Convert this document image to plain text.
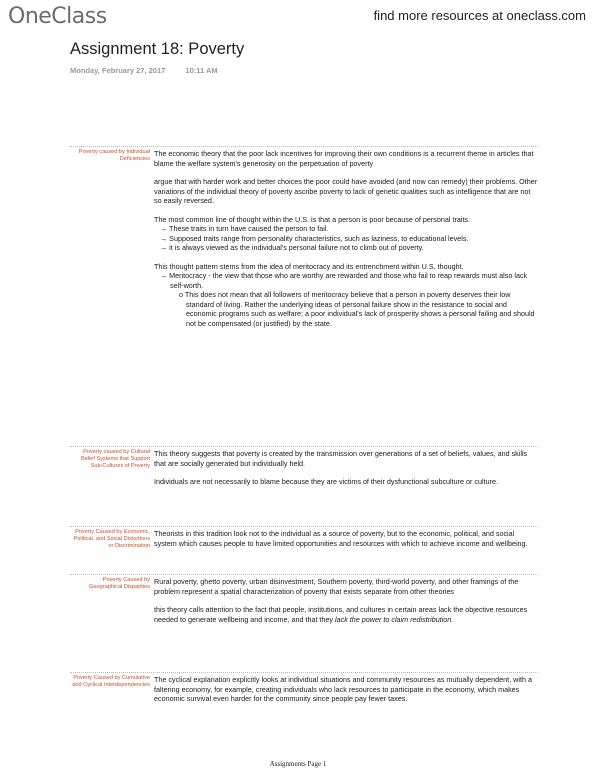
OneClass	find more resources at oneclass.com
Assignment 18: Poverty
Monday, February 27, 2017	10:11 AM
Poverty caused by Individual Deficiencies

The economic theory that the poor lack incentives for improving their own conditions is a recurrent theme in articles that blame the welfare system's generosity on the perpetuation of poverty

argue that with harder work and better choices the poor could have avoided (and now can remedy) their problems. Other variations of the individual theory of poverty ascribe poverty to lack of genetic qualities such as intelligence that are not so easily reversed.

The most common line of thought within the U.S. is that a person is poor because of personal traits.

→ These traits in turn have caused the person to fail.

→ Supposed traits range from personality characteristics, such as laziness, to educational levels.

→ it is always viewed as the individual's personal failure not to climb out of poverty.

This thought pattern stems from the idea of meritocracy and its entrenchment within U.S. thought.

→ Meritocracy - the view that those who are worthy are rewarded and those who fail to reap rewards must also lack self-worth.

o This does not mean that all followers of meritocracy believe that a person in poverty deserves their low standard of living. Rather the underlying ideas of personal failure show in the resistance to social and economic programs such as welfare; a poor individual's lack of prosperity shows a personal failing and should not be compensated (or justified) by the state.

Poverty caused by Cultural Belief Systems that Support Sub-Cultures of Poverty

This theory suggests that poverty is created by the transmission over generations of a set of beliefs, values, and skills that are socially generated but individually held.

Individuals are not necessarily to blame because they are victims of their dysfunctional subculture or culture.

Poverty Caused by Economic, Political, and Social Distortions or Discrimination

Theorists in this tradition look not to the individual as a source of poverty, but to the economic, political, and social system which causes people to have limited opportunities and resources with which to achieve income and wellbeing.

Poverty Caused by Geographical Disparities

Rural poverty, ghetto poverty, urban disinvestment, Southern poverty, third-world poverty, and other framings of the problem represent a spatial characterization of poverty that exists separate from other theories

this theory calls attention to the fact that people, institutions, and cultures in certain areas lack the objective resources needed to generate wellbeing and income, and that they lack the power to claim redistribution.

Poverty Caused by Cumulative and Cyclical Interdependencies

The cyclical explanation explicitly looks at individual situations and community resources as mutually dependent, with a faltering economy, for example, creating individuals who lack resources to participate in the economy, which makes economic survival even harder for the community since people pay fewer taxes.

Assignments Page 1
